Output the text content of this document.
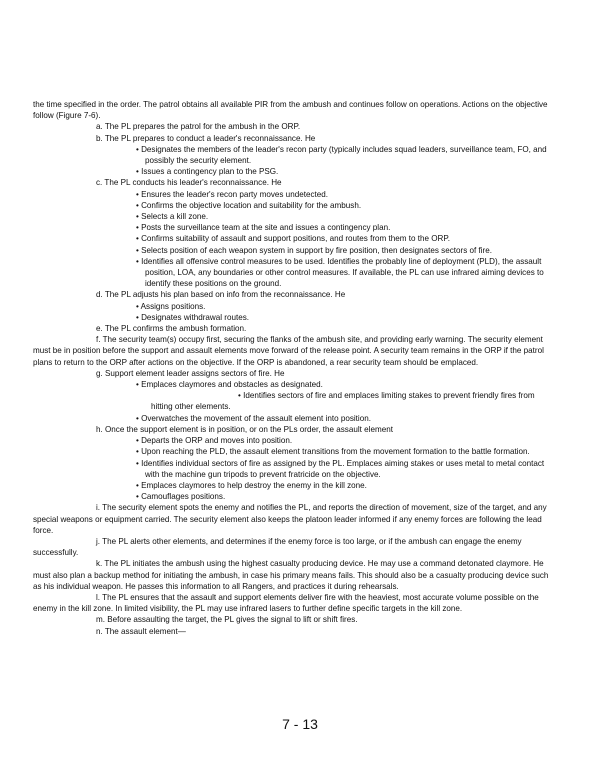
the time specified in the order. The patrol obtains all available PIR from the ambush and continues follow on operations. Actions on the objective follow (Figure 7-6).

a. The PL prepares the patrol for the ambush in the ORP.

b. The PL prepares to conduct a leader's reconnaissance. He

• Designates the members of the leader's recon party (typically includes squad leaders, surveillance team, FO, and possibly the security element.

• Issues a contingency plan to the PSG.

c. The PL conducts his leader's reconnaissance. He

• Ensures the leader's recon party moves undetected.

• Confirms the objective location and suitability for the ambush.

• Selects a kill zone.

• Posts the surveillance team at the site and issues a contingency plan.

• Confirms suitability of assault and support positions, and routes from them to the ORP.

• Selects position of each weapon system in support by fire position, then designates sectors of fire.

• Identifies all offensive control measures to be used. Identifies the probably line of deployment (PLD), the assault position, LOA, any boundaries or other control measures. If available, the PL can use infrared aiming devices to identify these positions on the ground.

d. The PL adjusts his plan based on info from the reconnaissance. He

• Assigns positions.

• Designates withdrawal routes.

e. The PL confirms the ambush formation.

f. The security team(s) occupy first, securing the flanks of the ambush site, and providing early warning. The security element must be in position before the support and assault elements move forward of the release point. A security team remains in the ORP if the patrol plans to return to the ORP after actions on the objective. If the ORP is abandoned, a rear security team should be emplaced.

g. Support element leader assigns sectors of fire. He

• Emplaces claymores and obstacles as designated.

• Identifies sectors of fire and emplaces limiting stakes to prevent friendly fires from

hitting other elements.

• Overwatches the movement of the assault element into position.

h. Once the support element is in position, or on the PLs order, the assault element

• Departs the ORP and moves into position.

• Upon reaching the PLD, the assault element transitions from the movement formation to the battle formation.

• Identifies individual sectors of fire as assigned by the PL. Emplaces aiming stakes or uses metal to metal contact with the machine gun tripods to prevent fratricide on the objective.

• Emplaces claymores to help destroy the enemy in the kill zone.

• Camouflages positions.

i. The security element spots the enemy and notifies the PL, and reports the direction of movement, size of the target, and any special weapons or equipment carried. The security element also keeps the platoon leader informed if any enemy forces are following the lead force.

j. The PL alerts other elements, and determines if the enemy force is too large, or if the ambush can engage the enemy successfully.

k. The PL initiates the ambush using the highest casualty producing device. He may use a command detonated claymore. He must also plan a backup method for initiating the ambush, in case his primary means fails. This should also be a casualty producing device such as his individual weapon. He passes this information to all Rangers, and practices it during rehearsals.

l. The PL ensures that the assault and support elements deliver fire with the heaviest, most accurate volume possible on the enemy in the kill zone. In limited visibility, the PL may use infrared lasers to further define specific targets in the kill zone.

m. Before assaulting the target, the PL gives the signal to lift or shift fires.

n. The assault element—

7 - 13
